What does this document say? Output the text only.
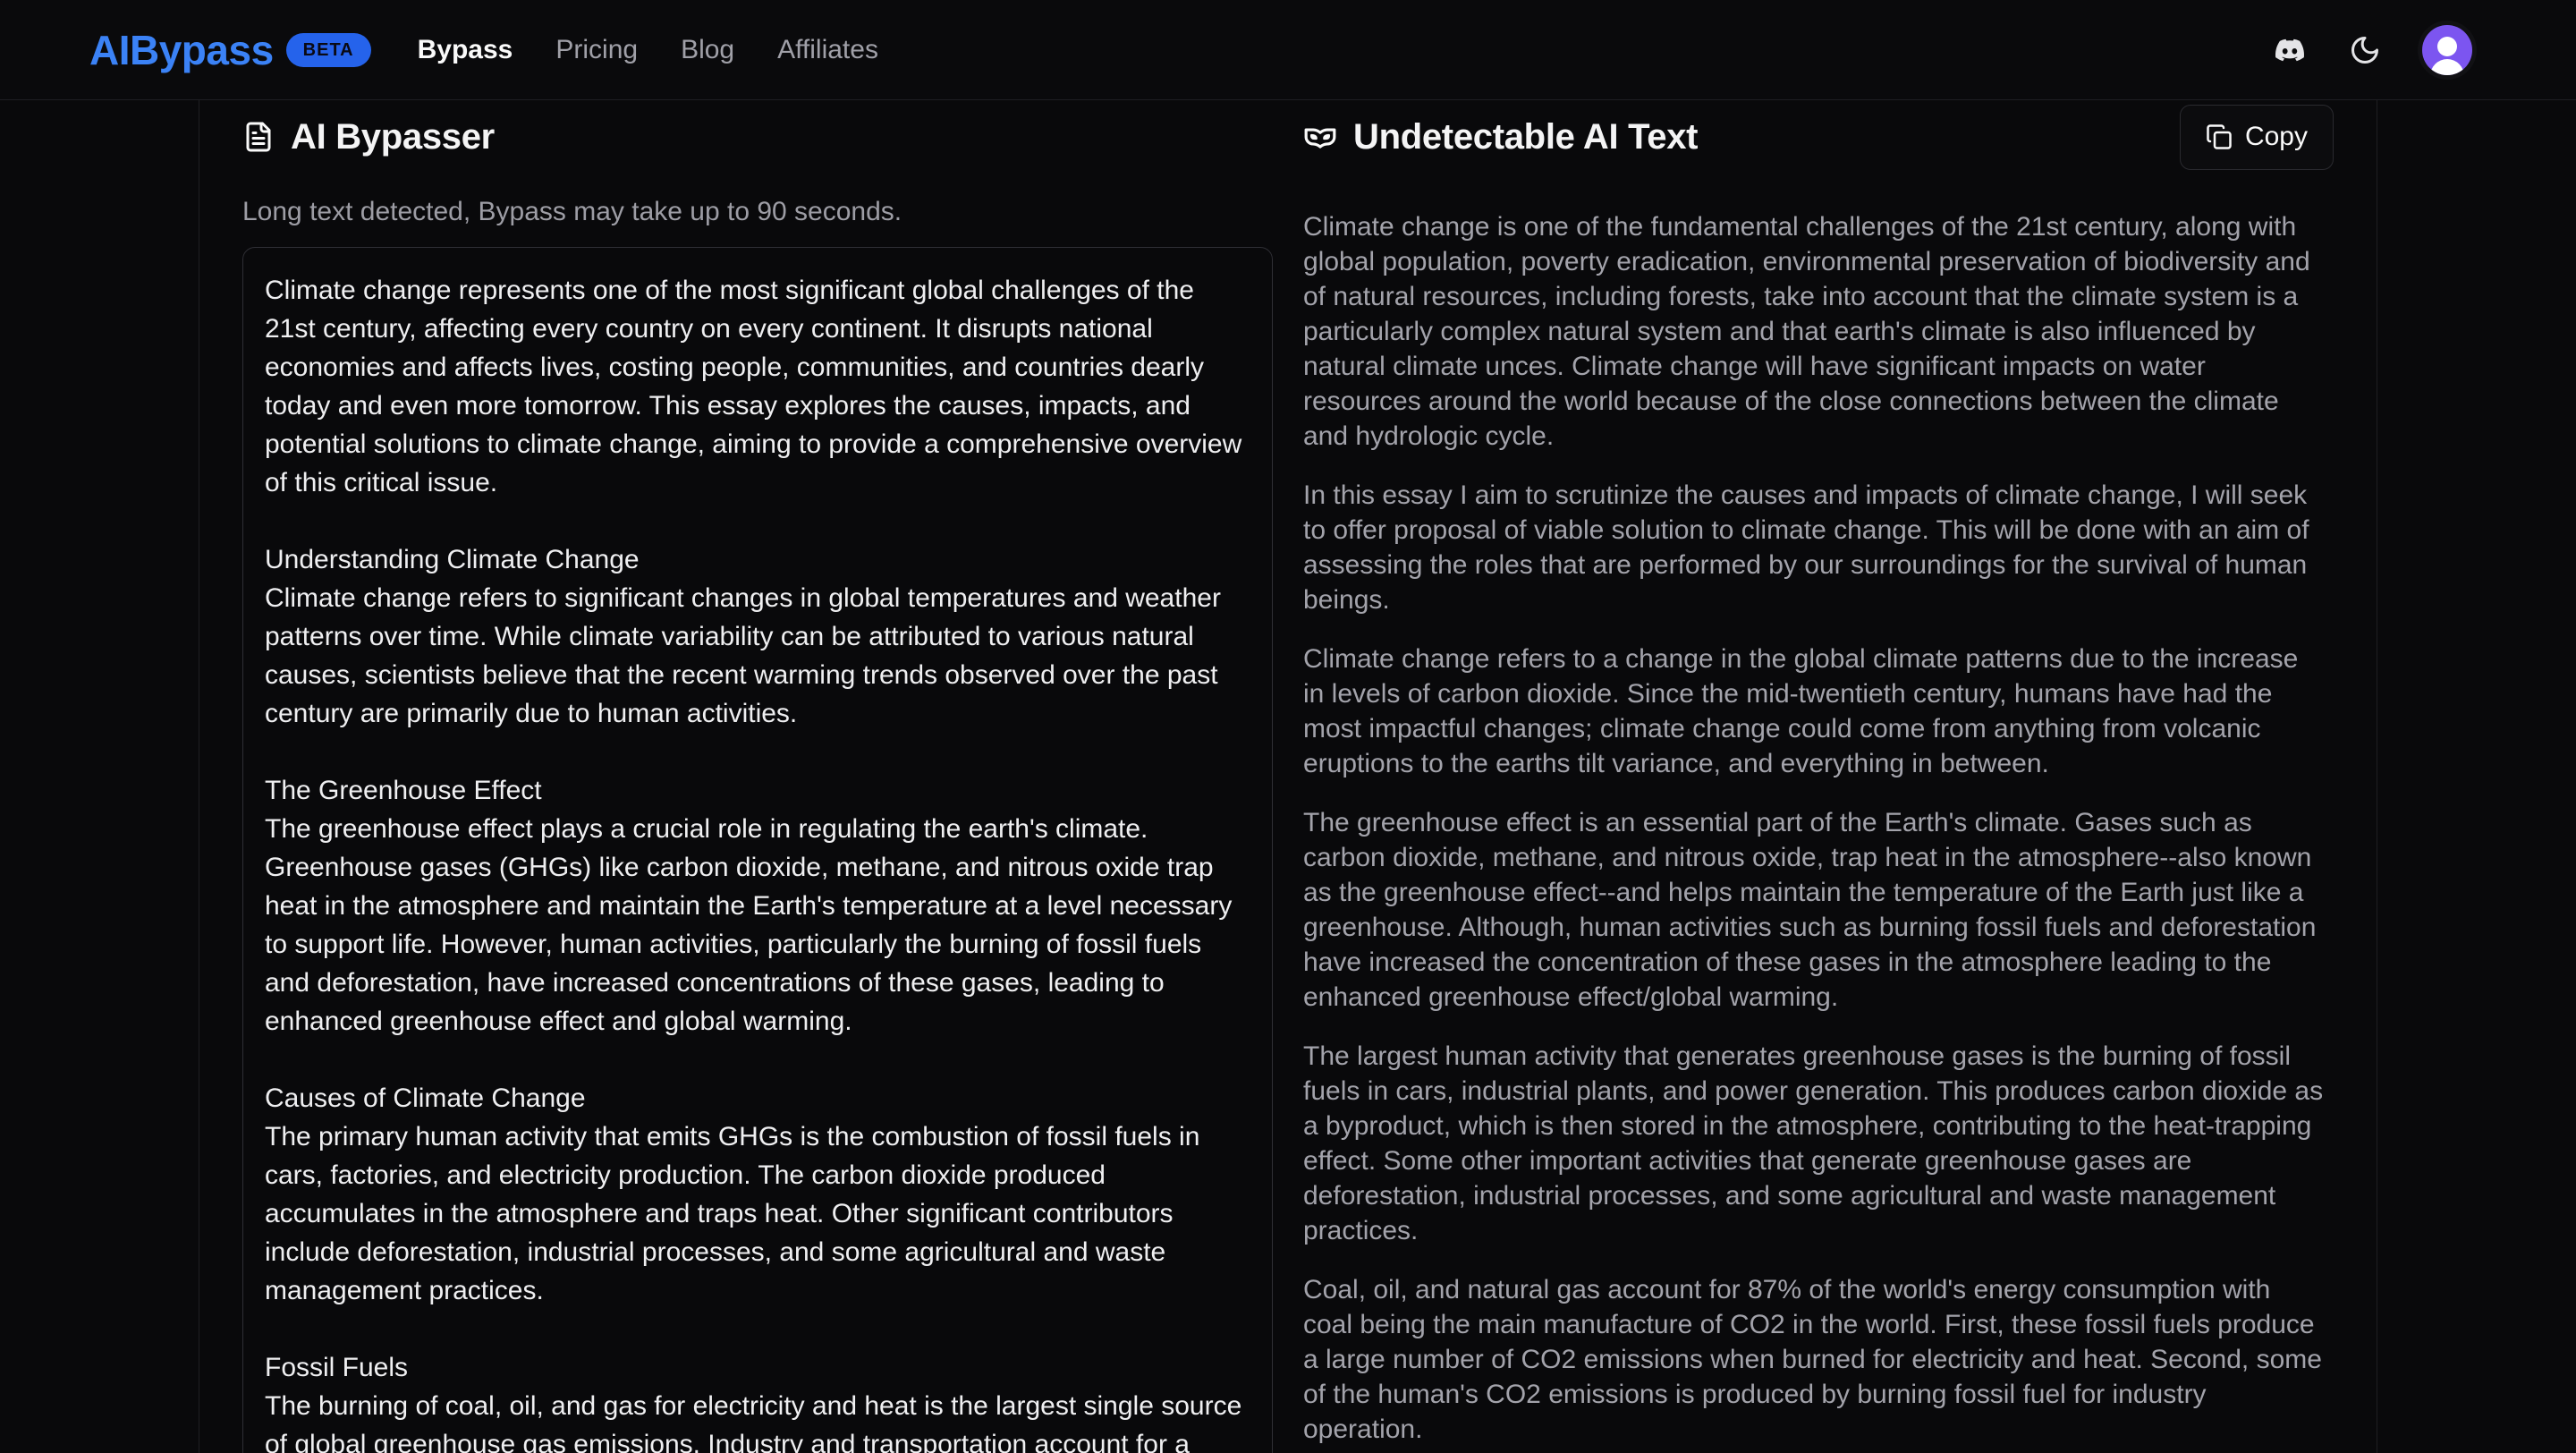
AIBypass	BETA	Bypass Pricing Blog Affiliates
AI Bypasser
Long text detected, Bypass may take up to 90 seconds.
Climate change represents one of the most significant global challenges of the 21st century, affecting every country on every continent. It disrupts national economies and affects lives, costing people, communities, and countries dearly today and even more tomorrow. This essay explores the causes, impacts, and potential solutions to climate change, aiming to provide a comprehensive overview of this critical issue. Understanding Climate Change Climate change refers to significant changes in global temperatures and weather patterns over time. While climate variability can be attributed to various natural causes, scientists believe that the recent warming trends observed over the past century are primarily due to human activities. The Greenhouse Effect The greenhouse effect plays a crucial role in regulating the earth's climate. Greenhouse gases (GHGs) like carbon dioxide, methane, and nitrous oxide trap heat in the atmosphere and maintain the Earth's temperature at a level necessary to support life. However, human activities, particularly the burning of fossil fuels and deforestation, have increased concentrations of these gases, leading to enhanced greenhouse effect and global warming. Causes of Climate Change The primary human activity that emits GHGs is the combustion of fossil fuels in cars, factories, and electricity production. The carbon dioxide produced accumulates in the atmosphere and traps heat. Other significant contributors include deforestation, industrial processes, and some agricultural and waste management practices. Fossil Fuels The burning of coal, oil, and gas for electricity and heat is the largest single source of global greenhouse gas emissions. Industry and transportation account for a significant portion of energy-related emissions. Agriculture
Undetectable AI Text	Copy

Climate change is one of the fundamental challenges of the 21st century, along with global population, poverty eradication, environmental preservation of biodiversity and of natural resources, including forests, take into account that the climate system is a particularly complex natural system and that earth's climate is also influenced by natural climate unces. Climate change will have significant impacts on water resources around the world because of the close connections between the climate and hydrologic cycle.

In this essay I aim to scrutinize the causes and impacts of climate change, I will seek to offer proposal of viable solution to climate change. This will be done with an aim of assessing the roles that are performed by our surroundings for the survival of human beings.

Climate change refers to a change in the global climate patterns due to the increase in levels of carbon dioxide. Since the mid-twentieth century, humans have had the most impactful changes; climate change could come from anything from volcanic eruptions to the earths tilt variance, and everything in between.

The greenhouse effect is an essential part of the Earth's climate. Gases such as carbon dioxide, methane, and nitrous oxide, trap heat in the atmosphere--also known as the greenhouse effect--and helps maintain the temperature of the Earth just like a greenhouse. Although, human activities such as burning fossil fuels and deforestation have increased the concentration of these gases in the atmosphere leading to the enhanced greenhouse effect/global warming.

The largest human activity that generates greenhouse gases is the burning of fossil fuels in cars, industrial plants, and power generation. This produces carbon dioxide as a byproduct, which is then stored in the atmosphere, contributing to the heat-trapping effect. Some other important activities that generate greenhouse gases are deforestation, industrial processes, and some agricultural and waste management practices.

Coal, oil, and natural gas account for 87% of the world's energy consumption with coal being the main manufacture of CO2 in the world. First, these fossil fuels produce a large number of CO2 emissions when burned for electricity and heat. Second, some of the human's CO2 emissions is produced by burning fossil fuel for industry operation.
